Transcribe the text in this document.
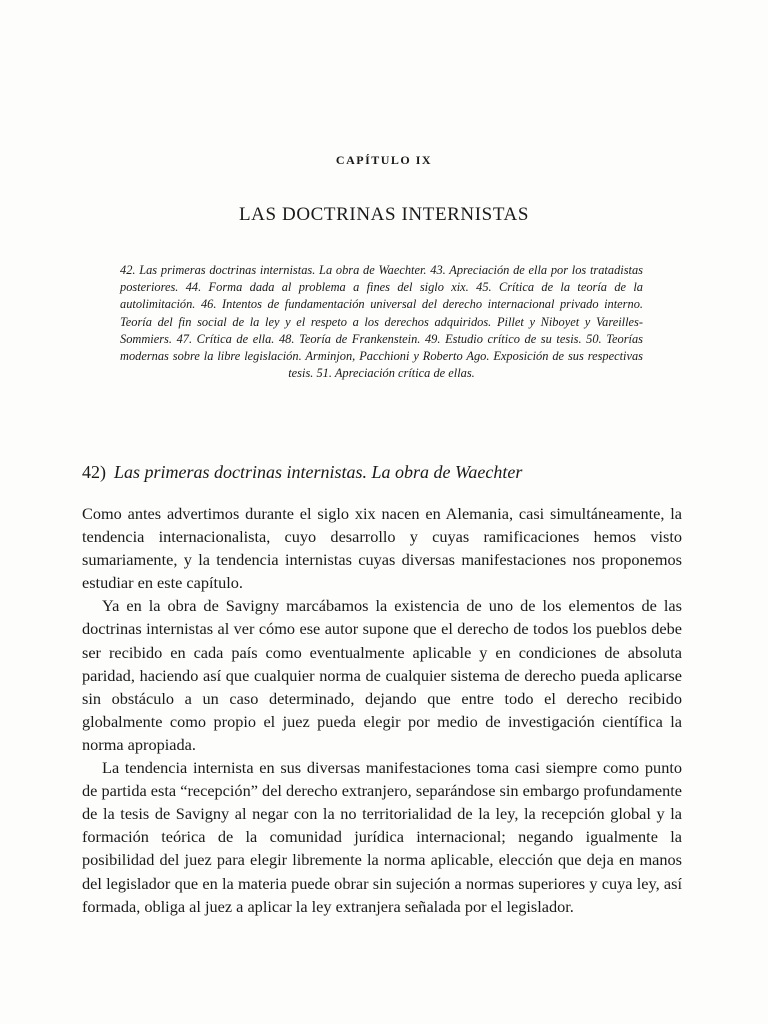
CAPÍTULO IX
LAS DOCTRINAS INTERNISTAS
42. Las primeras doctrinas internistas. La obra de Waechter. 43. Apreciación de ella por los tratadistas posteriores. 44. Forma dada al problema a fines del siglo xix. 45. Crítica de la teoría de la autolimitación. 46. Intentos de fundamentación universal del derecho internacional privado interno. Teoría del fin social de la ley y el respeto a los derechos adquiridos. Pillet y Niboyet y Vareilles-Sommiers. 47. Crítica de ella. 48. Teoría de Frankenstein. 49. Estudio crítico de su tesis. 50. Teorías modernas sobre la libre legislación. Arminjon, Pacchioni y Roberto Ago. Exposición de sus respectivas tesis. 51. Apreciación crítica de ellas.
42) Las primeras doctrinas internistas. La obra de Waechter

Como antes advertimos durante el siglo xix nacen en Alemania, casi simultáneamente, la tendencia internacionalista, cuyo desarrollo y cuyas ramificaciones hemos visto sumariamente, y la tendencia internistas cuyas diversas manifestaciones nos proponemos estudiar en este capítulo.

Ya en la obra de Savigny marcábamos la existencia de uno de los elementos de las doctrinas internistas al ver cómo ese autor supone que el derecho de todos los pueblos debe ser recibido en cada país como eventualmente aplicable y en condiciones de absoluta paridad, haciendo así que cualquier norma de cualquier sistema de derecho pueda aplicarse sin obstáculo a un caso determinado, dejando que entre todo el derecho recibido globalmente como propio el juez pueda elegir por medio de investigación científica la norma apropiada.

La tendencia internista en sus diversas manifestaciones toma casi siempre como punto de partida esta “recepción” del derecho extranjero, separándose sin embargo profundamente de la tesis de Savigny al negar con la no territorialidad de la ley, la recepción global y la formación teórica de la comunidad jurídica internacional; negando igualmente la posibilidad del juez para elegir libremente la norma aplicable, elección que deja en manos del legislador que en la materia puede obrar sin sujeción a normas superiores y cuya ley, así formada, obliga al juez a aplicar la ley extranjera señalada por el legislador.
